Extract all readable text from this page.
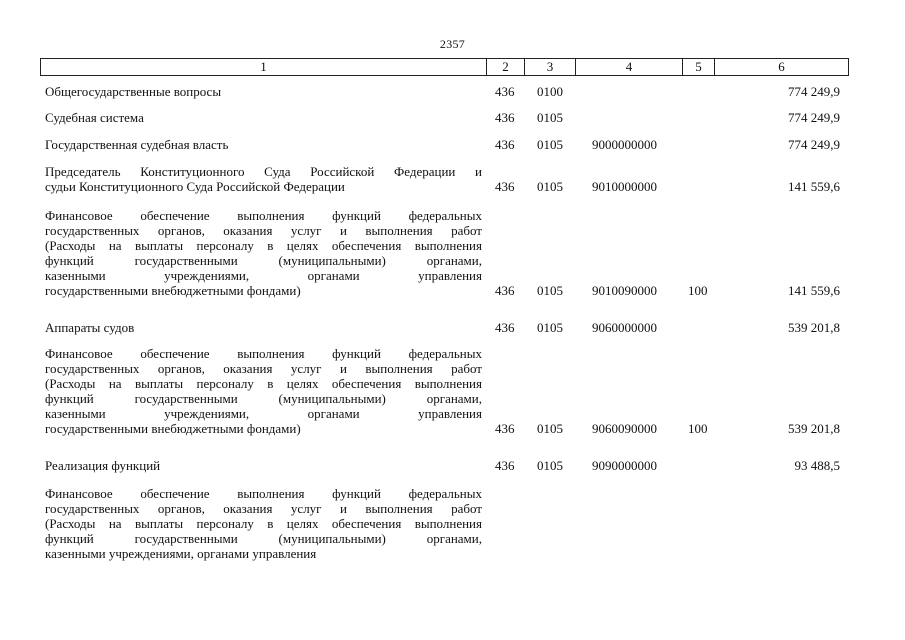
2357
1	2	3	4	5	6
Общегосударственные вопросы	436 0100	774 249,9
Судебная система	436 0105	774 249,9
Государственная судебная власть	436 0105 9000000000	774 249,9
Председатель Конституционного Суда Российской Федерации и
судьи Конституционного Суда Российской Федерации	436 0105 9010000000	141 559,6
Финансовое обеспечение выполнения функций федеральных
государственных органов, оказания услуг и выполнения работ
(Расходы на выплаты персоналу в целях обеспечения выполнения
функций государственными (муниципальными) органами,
казенными учреждениями, органами управления
государственными внебюджетными фондами)	436 0105 9010090000 100	141 559,6
Аппараты судов	436 0105 9060000000	539 201,8
Финансовое обеспечение выполнения функций федеральных
государственных органов, оказания услуг и выполнения работ
(Расходы на выплаты персоналу в целях обеспечения выполнения
функций государственными (муниципальными) органами,
казенными учреждениями, органами управления
государственными внебюджетными фондами)	436 0105 9060090000 100	539 201,8
Реализация функций	436 0105 9090000000	93 488,5
Финансовое обеспечение выполнения функций федеральных
государственных органов, оказания услуг и выполнения работ
(Расходы на выплаты персоналу в целях обеспечения выполнения
функций государственными (муниципальными) органами,
казенными учреждениями, органами управления
